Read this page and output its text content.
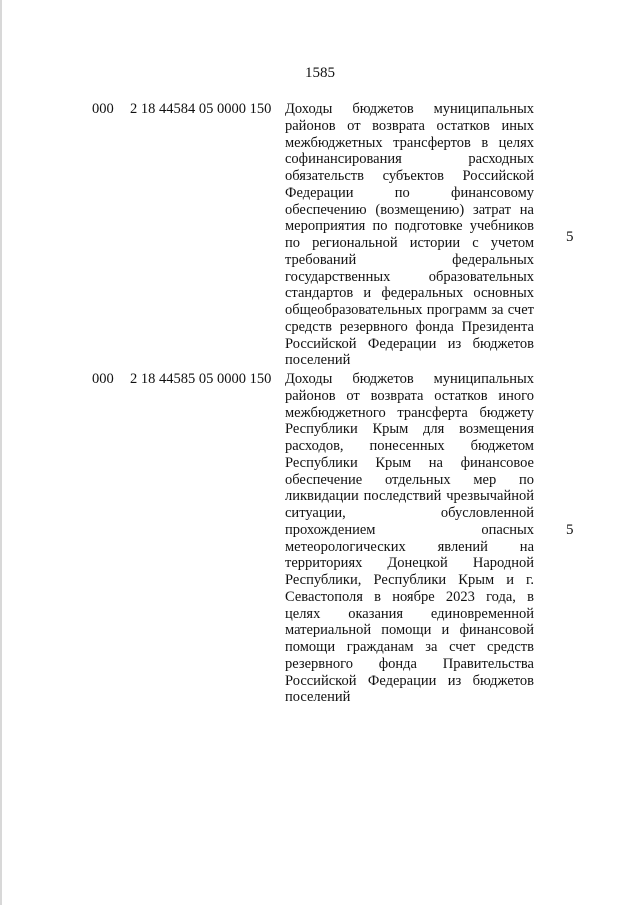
1585
000 2 18 44584 05 0000 150 Доходы бюджетов муниципальных районов от возврата остатков иных межбюджетных трансфертов в целях софинансирования расходных обязательств субъектов Российской Федерации по финансовому обеспечению (возмещению) затрат на мероприятия по подготовке учебников по региональной истории с учетом требований федеральных государственных образовательных стандартов и федеральных основных общеобразовательных программ за счет средств резервного фонда Президента Российской Федерации из бюджетов поселений

5
000 2 18 44585 05 0000 150 Доходы бюджетов муниципальных районов от возврата остатков иного межбюджетного трансферта бюджету Республики Крым для возмещения расходов, понесенных бюджетом Республики Крым на финансовое обеспечение отдельных мер по ликвидации последствий чрезвычайной ситуации, обусловленной прохождением опасных метеорологических явлений на территориях Донецкой Народной Республики, Республики Крым и г. Севастополя в ноябре 2023 года, в целях оказания единовременной материальной помощи и финансовой помощи гражданам за счет средств резервного фонда Правительства Российской Федерации из бюджетов поселений

5
